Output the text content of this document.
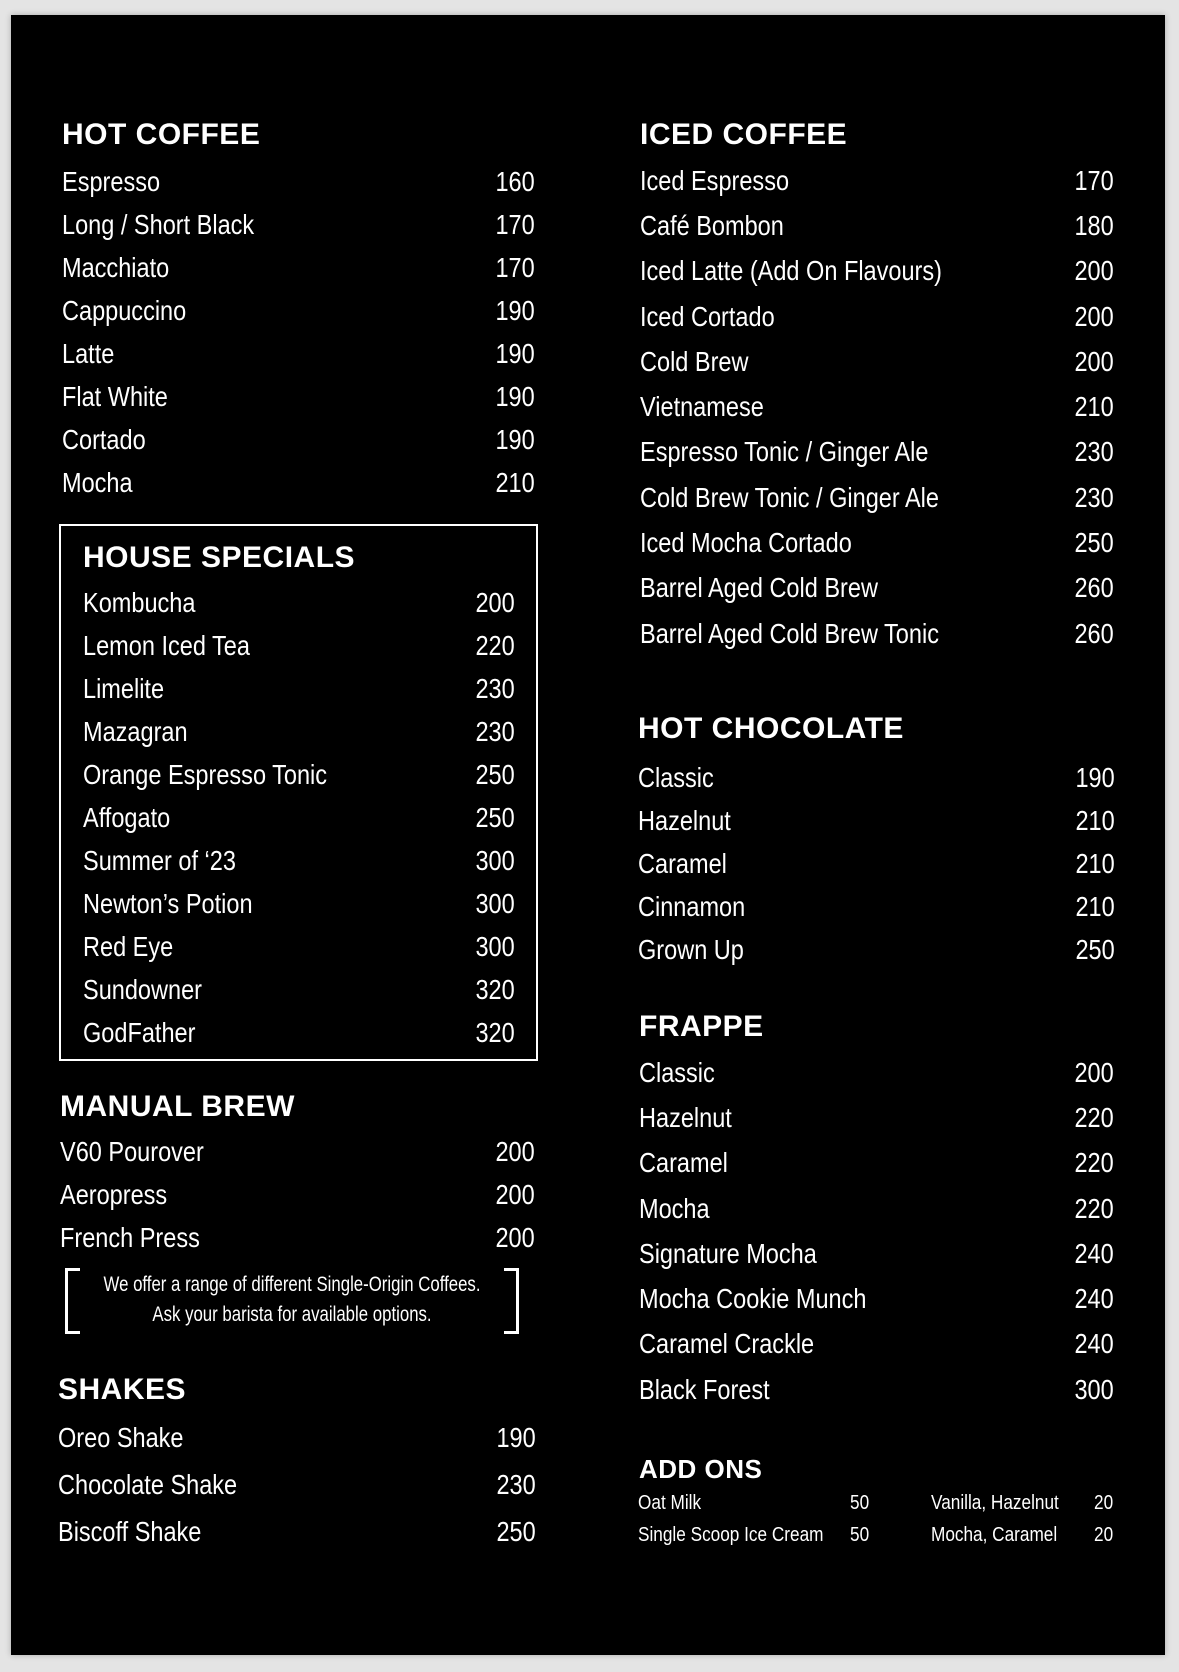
HOT COFFEE
Espresso	160
Long / Short Black	170
Macchiato	170
Cappuccino	190
Latte	190
Flat White	190
Cortado	190
Mocha	210
HOUSE SPECIALS
Kombucha	200
Lemon Iced Tea	220
Limelite	230
Mazagran	230
Orange Espresso Tonic	250
Affogato	250
Summer of ‘23	300
Newton’s Potion	300
Red Eye	300
Sundowner	320
GodFather	320
MANUAL BREW
V60 Pourover	200
Aeropress	200
French Press	200
We offer a range of different Single-Origin Coffees.
Ask your barista for available options.
SHAKES
Oreo Shake	190
Chocolate Shake	230
Biscoff Shake	250
ICED COFFEE
Iced Espresso	170
Café Bombon	180
Iced Latte (Add On Flavours)	200
Iced Cortado	200
Cold Brew	200
Vietnamese	210
Espresso Tonic / Ginger Ale	230
Cold Brew Tonic / Ginger Ale	230
Iced Mocha Cortado	250
Barrel Aged Cold Brew	260
Barrel Aged Cold Brew Tonic	260
HOT CHOCOLATE
Classic	190
Hazelnut	210
Caramel	210
Cinnamon	210
Grown Up	250
FRAPPE
Classic	200
Hazelnut	220
Caramel	220
Mocha	220
Signature Mocha	240
Mocha Cookie Munch	240
Caramel Crackle	240
Black Forest	300
ADD ONS
Oat Milk	50	Vanilla, Hazelnut	20
Single Scoop Ice Cream	50	Mocha, Caramel	20
